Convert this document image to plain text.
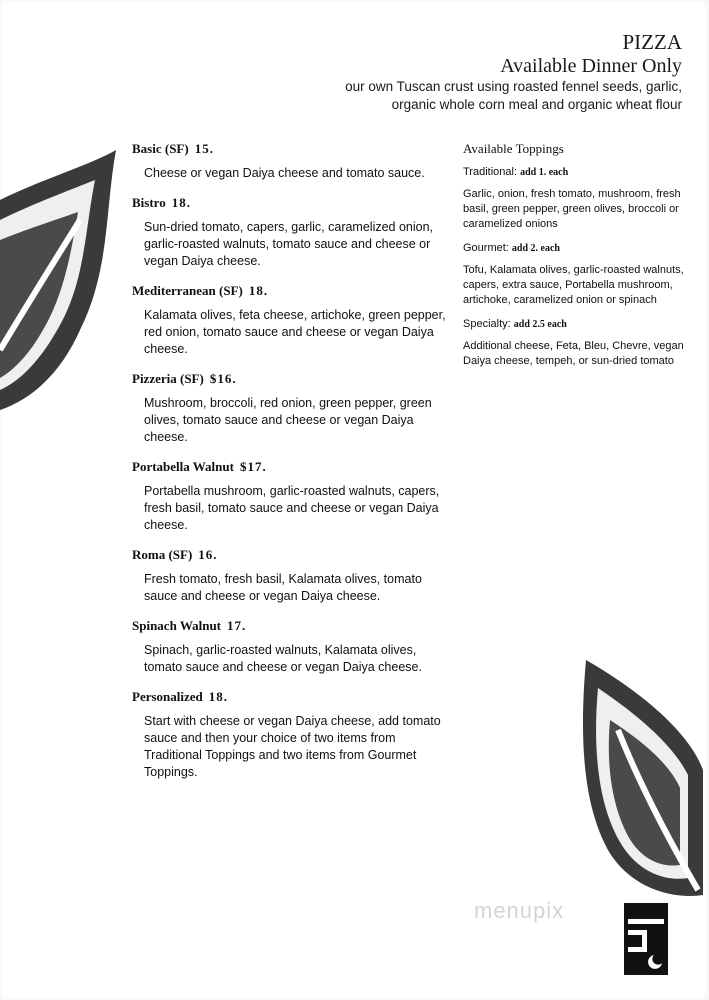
PIZZA
Available Dinner Only
our own Tuscan crust using roasted fennel seeds, garlic,
organic whole corn meal and organic wheat flour
Basic (SF) 15.
Cheese or vegan Daiya cheese and tomato sauce.
Bistro 18.
Sun-dried tomato, capers, garlic, caramelized onion, garlic-roasted walnuts, tomato sauce and cheese or vegan Daiya cheese.
Mediterranean (SF) 18.
Kalamata olives, feta cheese, artichoke, green pepper, red onion, tomato sauce and cheese or vegan Daiya cheese.
Pizzeria (SF) $16.
Mushroom, broccoli, red onion, green pepper, green olives, tomato sauce and cheese or vegan Daiya cheese.
Portabella Walnut $17.
Portabella mushroom, garlic-roasted walnuts, capers, fresh basil, tomato sauce and cheese or vegan Daiya cheese.
Roma (SF) 16.
Fresh tomato, fresh basil, Kalamata olives, tomato sauce and cheese or vegan Daiya cheese.
Spinach Walnut 17.
Spinach, garlic-roasted walnuts, Kalamata olives, tomato sauce and cheese or vegan Daiya cheese.
Personalized 18.
Start with cheese or vegan Daiya cheese, add tomato sauce and then your choice of two items from Traditional Toppings and two items from Gourmet Toppings.
Available Toppings
Traditional: add 1. each
Garlic, onion, fresh tomato, mushroom, fresh basil, green pepper, green olives, broccoli or caramelized onions
Gourmet: add 2. each
Tofu, Kalamata olives, garlic-roasted walnuts, capers, extra sauce, Portabella mushroom, artichoke, caramelized onion or spinach
Specialty: add 2.5 each
Additional cheese, Feta, Bleu, Chevre, vegan Daiya cheese, tempeh, or sun-dried tomato
menupix
